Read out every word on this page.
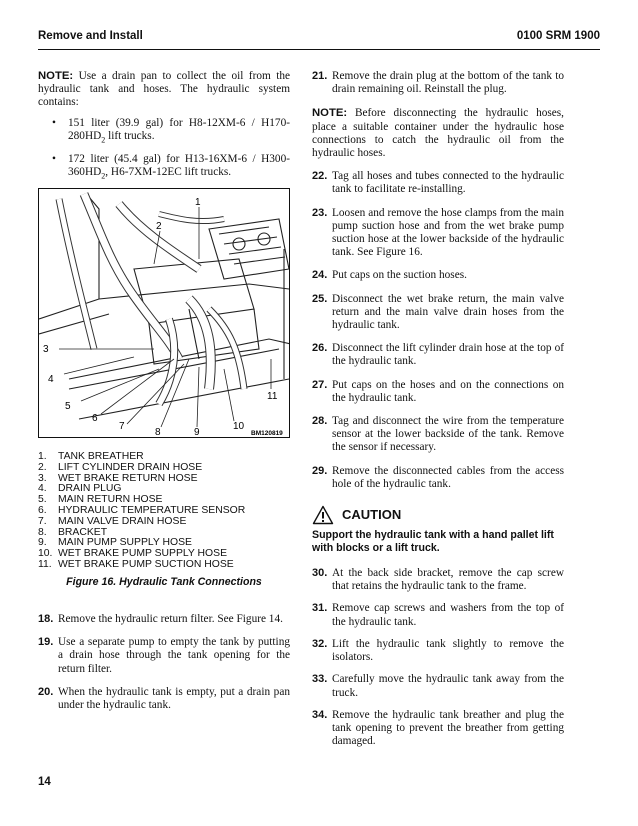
Remove and Install	0100 SRM 1900

NOTE: Use a drain pan to collect the oil from the hydraulic tank and hoses. The hydraulic system contains:

• 151 liter (39.9 gal) for $H8-12XM-6 / H170-280HD_2$ lift trucks.
• 172 liter (45.4 gal) for $H13-16XM-6 / H300-360HD_2$, H6-7XM-12EC lift trucks.
1
2
3
4
5
6
7
8	9
10
11
BM120819
1. TANK BREATHER
2. LIFT CYLINDER DRAIN HOSE
3. WET BRAKE RETURN HOSE
4. DRAIN PLUG
5. MAIN RETURN HOSE
6. HYDRAULIC TEMPERATURE SENSOR
7. MAIN VALVE DRAIN HOSE
8. BRACKET
9. MAIN PUMP SUPPLY HOSE
10. WET BRAKE PUMP SUPPLY HOSE
11. WET BRAKE PUMP SUCTION HOSE
Figure 16. Hydraulic Tank Connections
18. Remove the hydraulic return filter. See Figure 14.
19. Use a separate pump to empty the tank by putting a drain hose through the tank opening for the return filter.
20. When the hydraulic tank is empty, put a drain pan under the hydraulic tank.
21. Remove the drain plug at the bottom of the tank to drain remaining oil. Reinstall the plug.

NOTE: Before disconnecting the hydraulic hoses, place a suitable container under the hydraulic hose connections to catch the hydraulic oil from the hydraulic hoses.

22. Tag all hoses and tubes connected to the hydraulic tank to facilitate re-installing.
23. Loosen and remove the hose clamps from the main pump suction hose and from the wet brake pump suction hose at the lower backside of the hydraulic tank. See Figure 16.
24. Put caps on the suction hoses.
25. Disconnect the wet brake return, the main valve return and the main valve drain hoses from the hydraulic tank.
26. Disconnect the lift cylinder drain hose at the top of the hydraulic tank.
27. Put caps on the hoses and on the connections on the hydraulic tank.
28. Tag and disconnect the wire from the temperature sensor at the lower backside of the tank. Remove the sensor if necessary.
29. Remove the disconnected cables from the access hole of the hydraulic tank.
CAUTION
Support the hydraulic tank with a hand pallet lift with blocks or a lift truck.
30. At the back side bracket, remove the cap screw that retains the hydraulic tank to the frame.
31. Remove cap screws and washers from the top of the hydraulic tank.
32. Lift the hydraulic tank slightly to remove the isolators.
33. Carefully move the hydraulic tank away from the truck.
34. Remove the hydraulic tank breather and plug the tank opening to prevent the breather from getting damaged.
14
